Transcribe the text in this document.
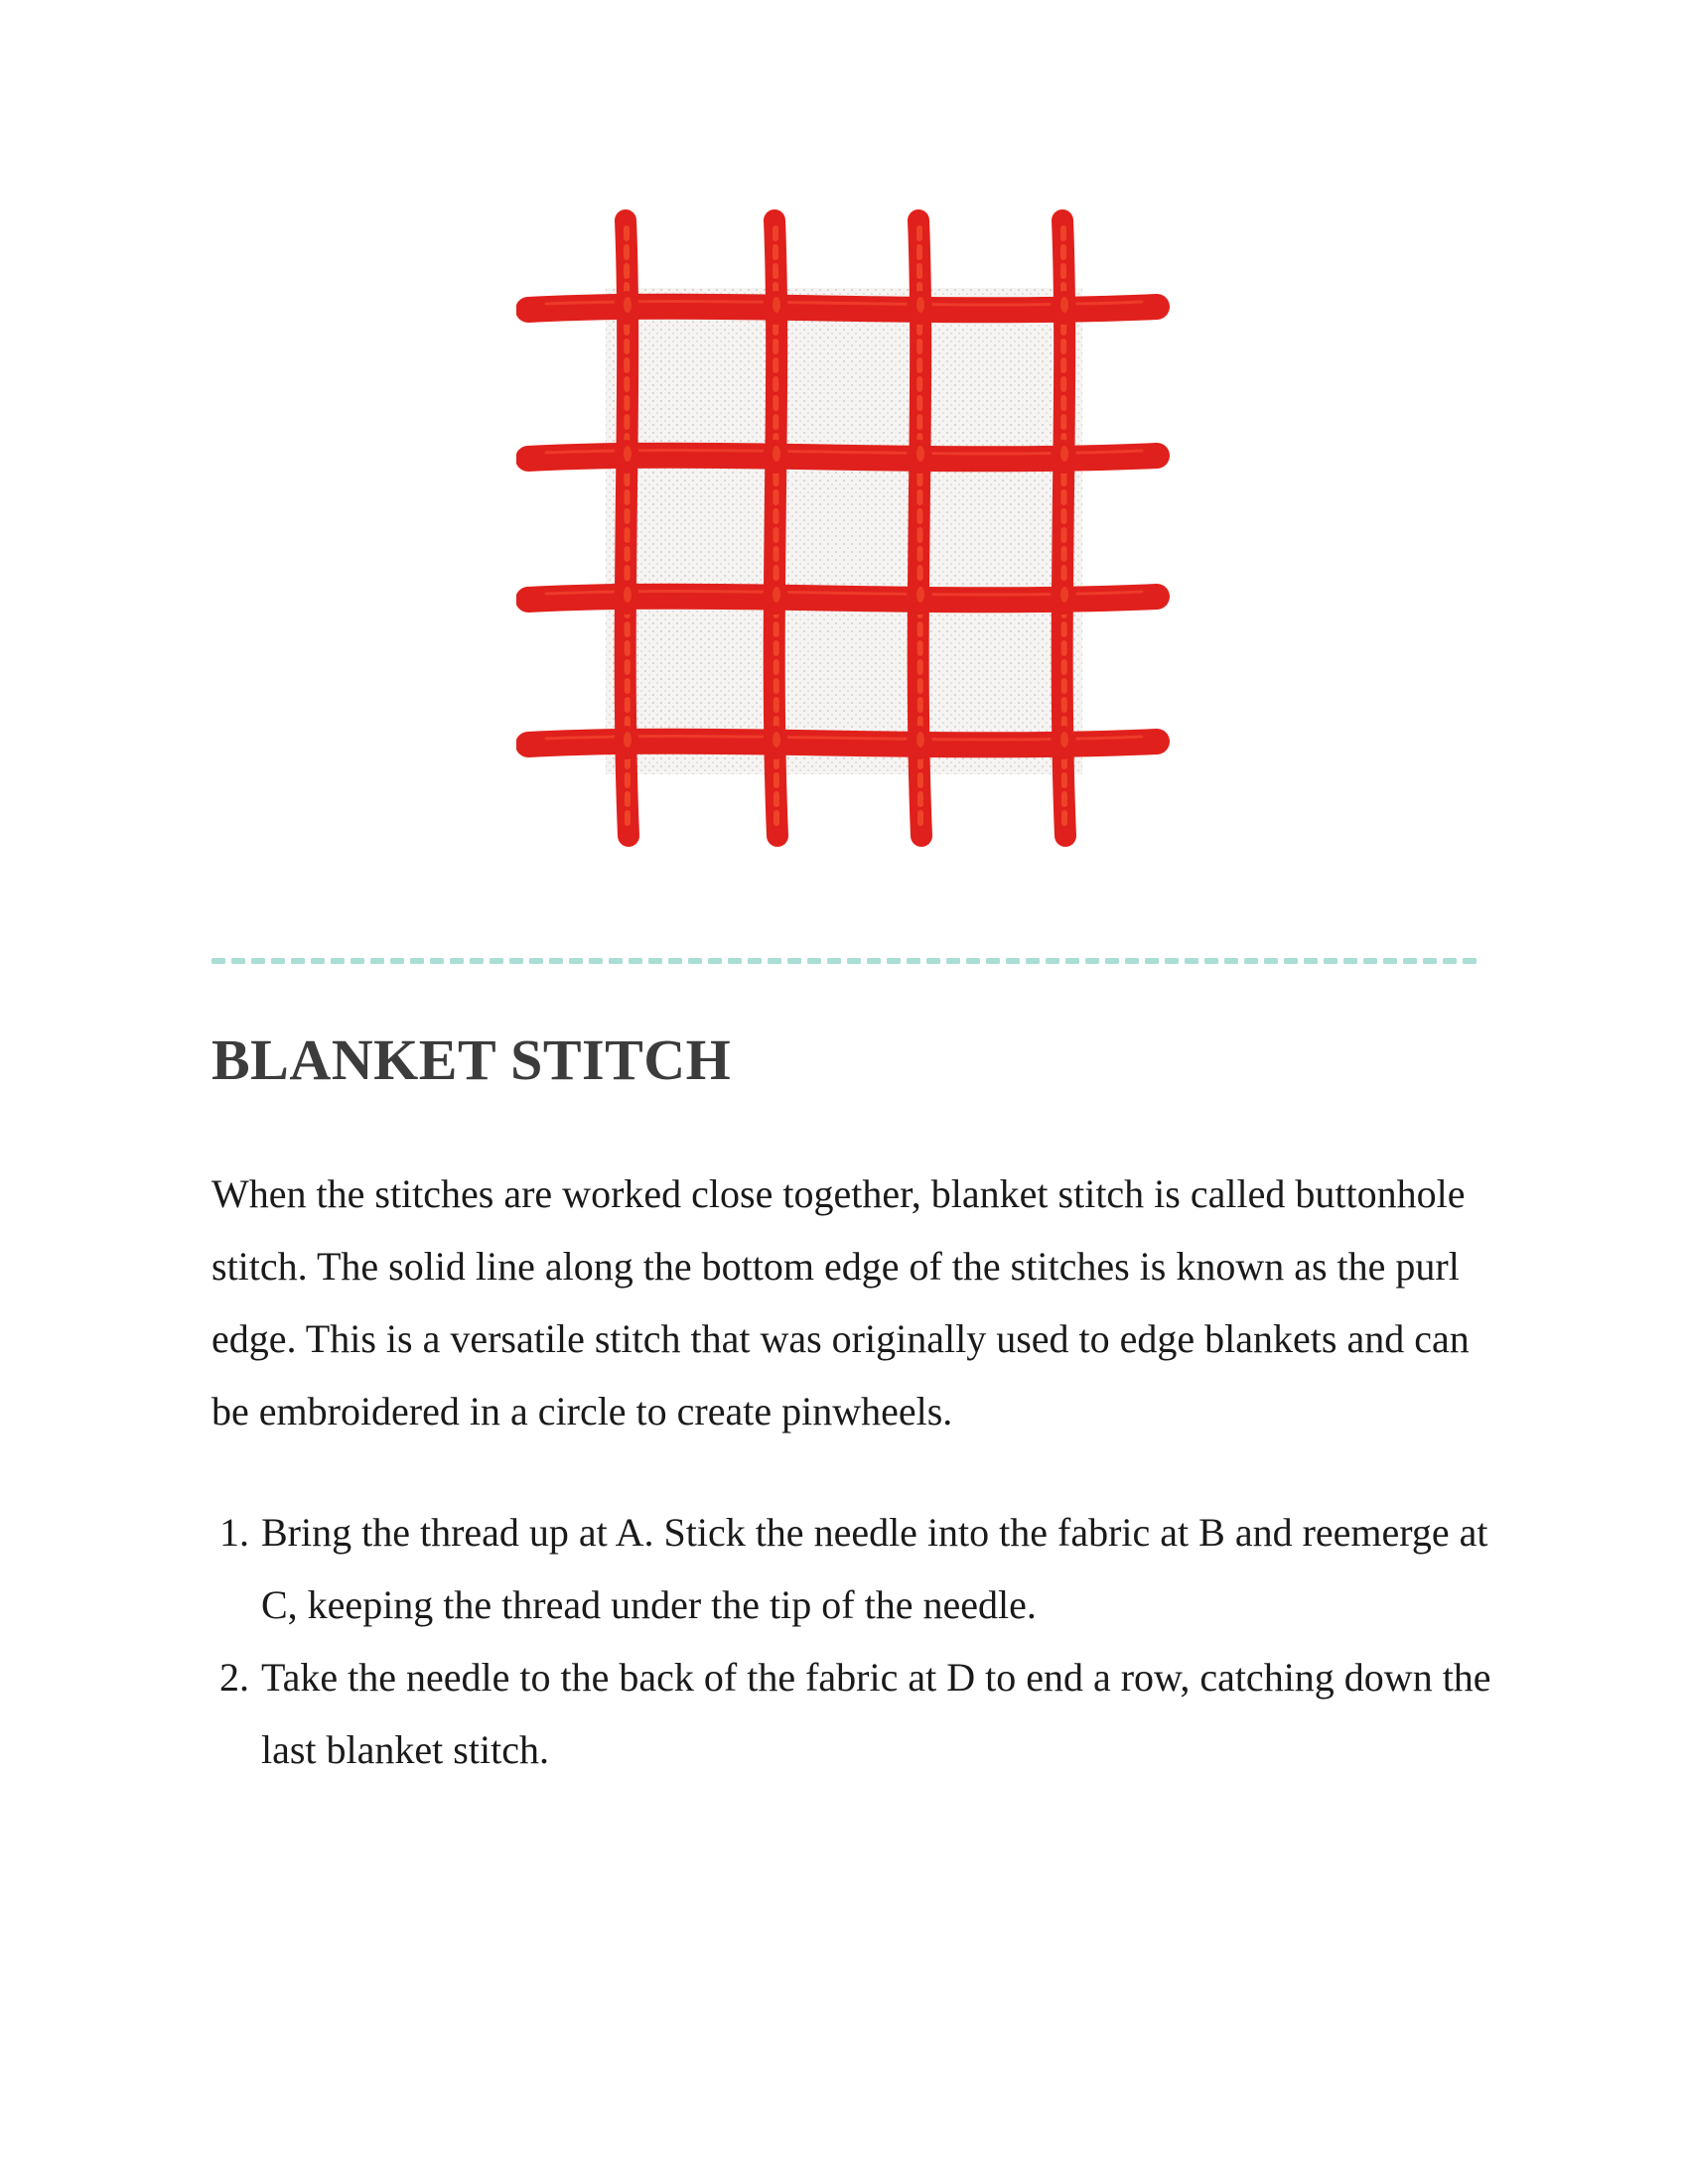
BLANKET STITCH

When the stitches are worked close together, blanket stitch is called buttonhole stitch. The solid line along the bottom edge of the stitches is known as the purl edge. This is a versatile stitch that was originally used to edge blankets and can be embroidered in a circle to create pinwheels.

1. Bring the thread up at A. Stick the needle into the fabric at B and reemerge at C, keeping the thread under the tip of the needle.
2. Take the needle to the back of the fabric at D to end a row, catching down the last blanket stitch.
